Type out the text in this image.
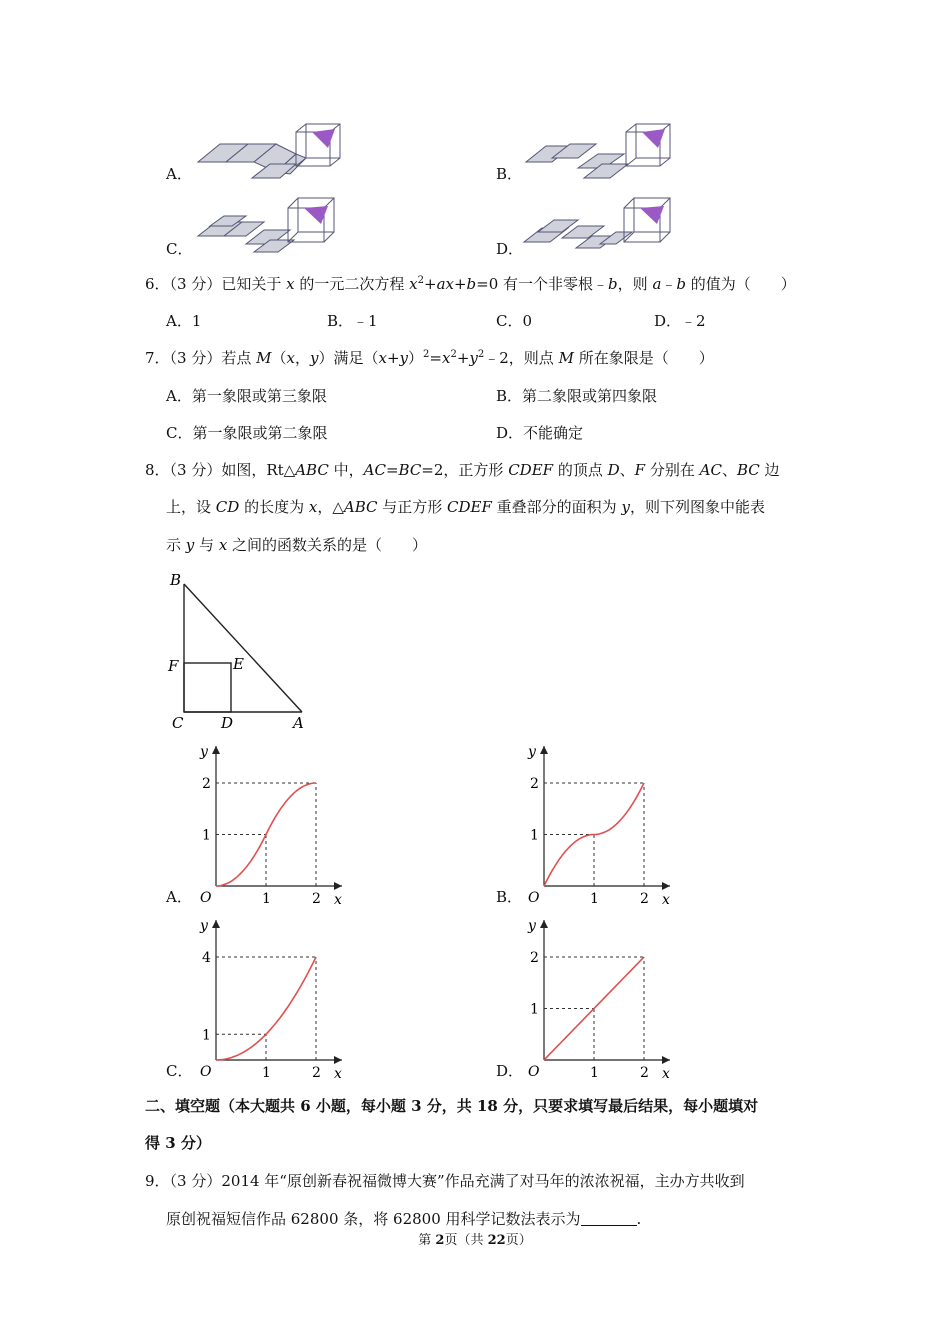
A．	B．
C．	D．
6．（3 分）已知关于 x 的一元二次方程 $x^2+ax+b=0$ 有一个非零根﹣b，则 a﹣b 的值为（　　）
A．1	B．﹣1	C．0	D．﹣2
7．（3 分）若点 M（x，y）满足$(x+y)^2=x^2+y^2﹣2$，则点 M 所在象限是（　　）
A．第一象限或第三象限	B．第二象限或第四象限
C．第一象限或第二象限	D．不能确定
8．（3 分）如图，Rt△ABC 中，AC=BC=2，正方形 CDEF 的顶点 D、F 分别在 AC、BC 边
上，设 CD 的长度为 x，△ABC 与正方形 CDEF 重叠部分的面积为 y，则下列图象中能表
示 y 与 x 之间的函数关系的是（　　）
B
F	E
C	D	A
A．	B．
C．	D．
1	2
1
2
O	x
y
1	2
1
2
O	x
y
1	2
1
4
O	x
y
1	2
1
2
O	x
y
二、填空题（本大题共 6 小题，每小题 3 分，共 18 分，只要求填写最后结果，每小题填对
得 3 分）
9．（3 分）2014 年“原创新春祝福微博大赛”作品充满了对马年的浓浓祝福，主办方共收到
原创祝福短信作品 62800 条，将 62800 用科学记数法表示为	.
第 2页（共 22页）
